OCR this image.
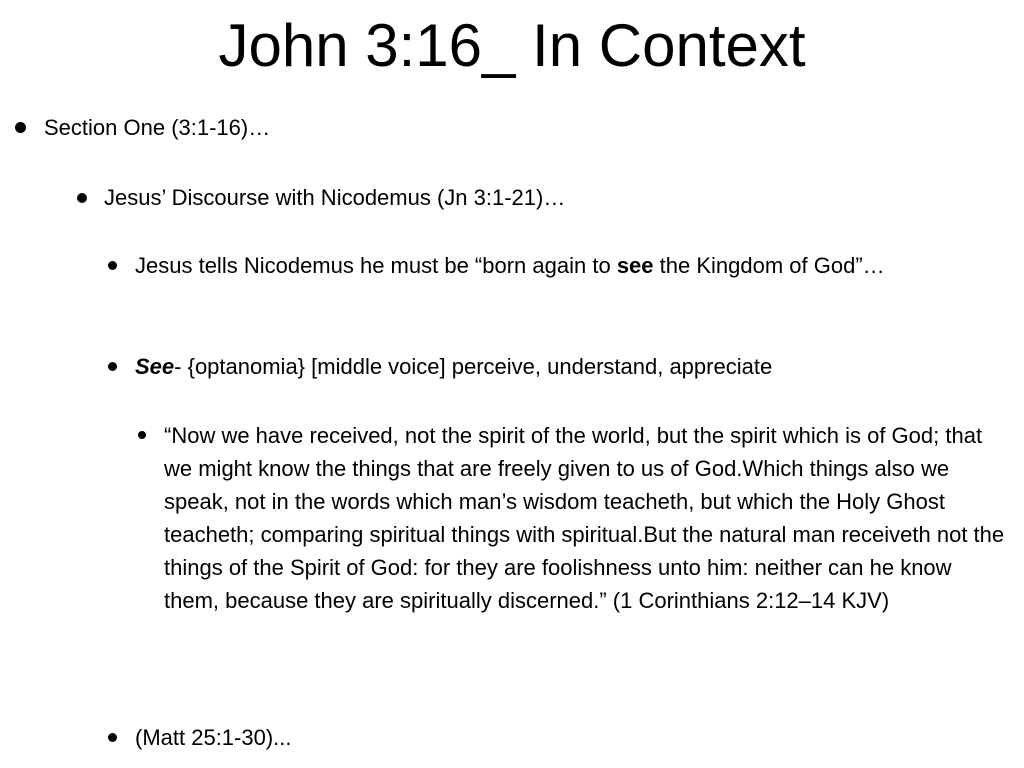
John 3:16_ In Context
Section One (3:1-16)…
Jesus’ Discourse with Nicodemus (Jn 3:1-21)…
Jesus tells Nicodemus he must be “born again to see the Kingdom of God”…
See- {optanomia} [middle voice] perceive, understand, appreciate
“Now we have received, not the spirit of the world, but the spirit which is of God; that we might know the things that are freely given to us of God.Which things also we speak, not in the words which man’s wisdom teacheth, but which the Holy Ghost teacheth; comparing spiritual things with spiritual.But the natural man receiveth not the things of the Spirit of God: for they are foolishness unto him: neither can he know them, because they are spiritually discerned.” (1 Corinthians 2:12–14 KJV)
(Matt 25:1-30)...
